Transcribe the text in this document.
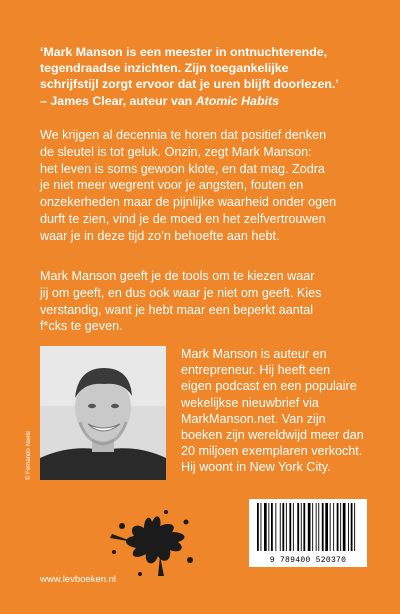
‘Mark Manson is een meester in ontnuchterende,
tegendraadse inzichten. Zijn toegankelijke
schrijfstijl zorgt ervoor dat je uren blijft doorlezen.’
– James Clear, auteur van Atomic Habits
We krijgen al decennia te horen dat positief denken
de sleutel is tot geluk. Onzin, zegt Mark Manson:
het leven is soms gewoon klote, en dat mag. Zodra
je niet meer wegrent voor je angsten, fouten en
onzekerheden maar de pijnlijke waarheid onder ogen
durft te zien, vind je de moed en het zelfvertrouwen
waar je in deze tijd zo’n behoefte aan hebt.
Mark Manson geeft je de tools om te kiezen waar
jij om geeft, en dus ook waar je niet om geeft. Kies
verstandig, want je hebt maar een beperkt aantal
f*cks te geven.
© Fernando Neele
Mark Manson is auteur en
entrepreneur. Hij heeft een
eigen podcast en een populaire
wekelijkse nieuwbrief via
MarkManson.net. Van zijn
boeken zijn wereldwijd meer dan
20 miljoen exemplaren verkocht.
Hij woont in New York City.
www.levboeken.nl
9 789400 520370
